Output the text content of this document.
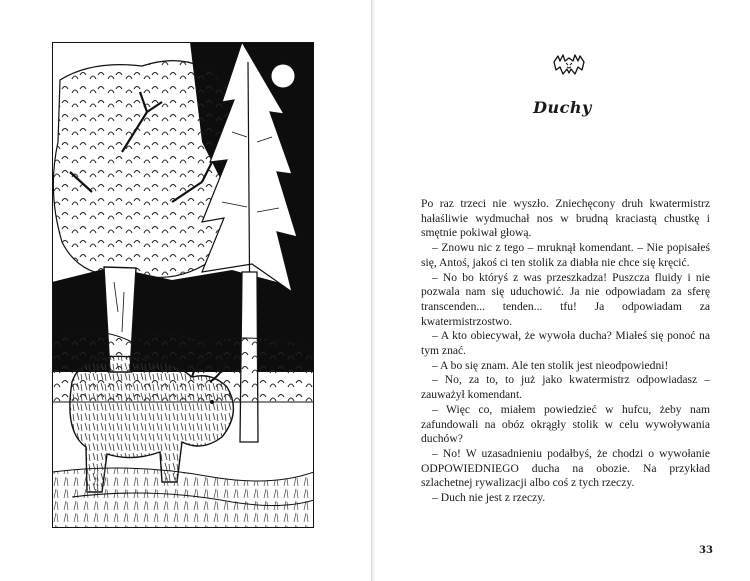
Duchy

Po raz trzeci nie wyszło. Zniechęcony druh kwatermistrz hałaśliwie wydmuchał nos w brudną kraciastą chustkę i smętnie pokiwał głową.

– Znowu nic z tego – mruknął komendant. – Nie popisałeś się, Antoś, jakoś ci ten stolik za diabła nie chce się kręcić.

– No bo któryś z was przeszkadza! Puszcza fluidy i nie pozwala nam się uduchowić. Ja nie odpowiadam za sferę transcenden... tenden... tfu! Ja odpowiadam za kwatermistrzostwo.

– A kto obiecywał, że wywoła ducha? Miałeś się ponoć na tym znać.

– A bo się znam. Ale ten stolik jest nieodpowiedni!

– No, za to, to już jako kwatermistrz odpowiadasz – zauważył komendant.

– Więc co, miałem powiedzieć w hufcu, żeby nam zafundowali na obóz okrągły stolik w celu wywoływania duchów?

– No! W uzasadnieniu podałbyś, że chodzi o wywołanie ODPOWIEDNIEGO ducha na obozie. Na przykład szlachetnej rywalizacji albo coś z tych rzeczy.

– Duch nie jest z rzeczy.

33
